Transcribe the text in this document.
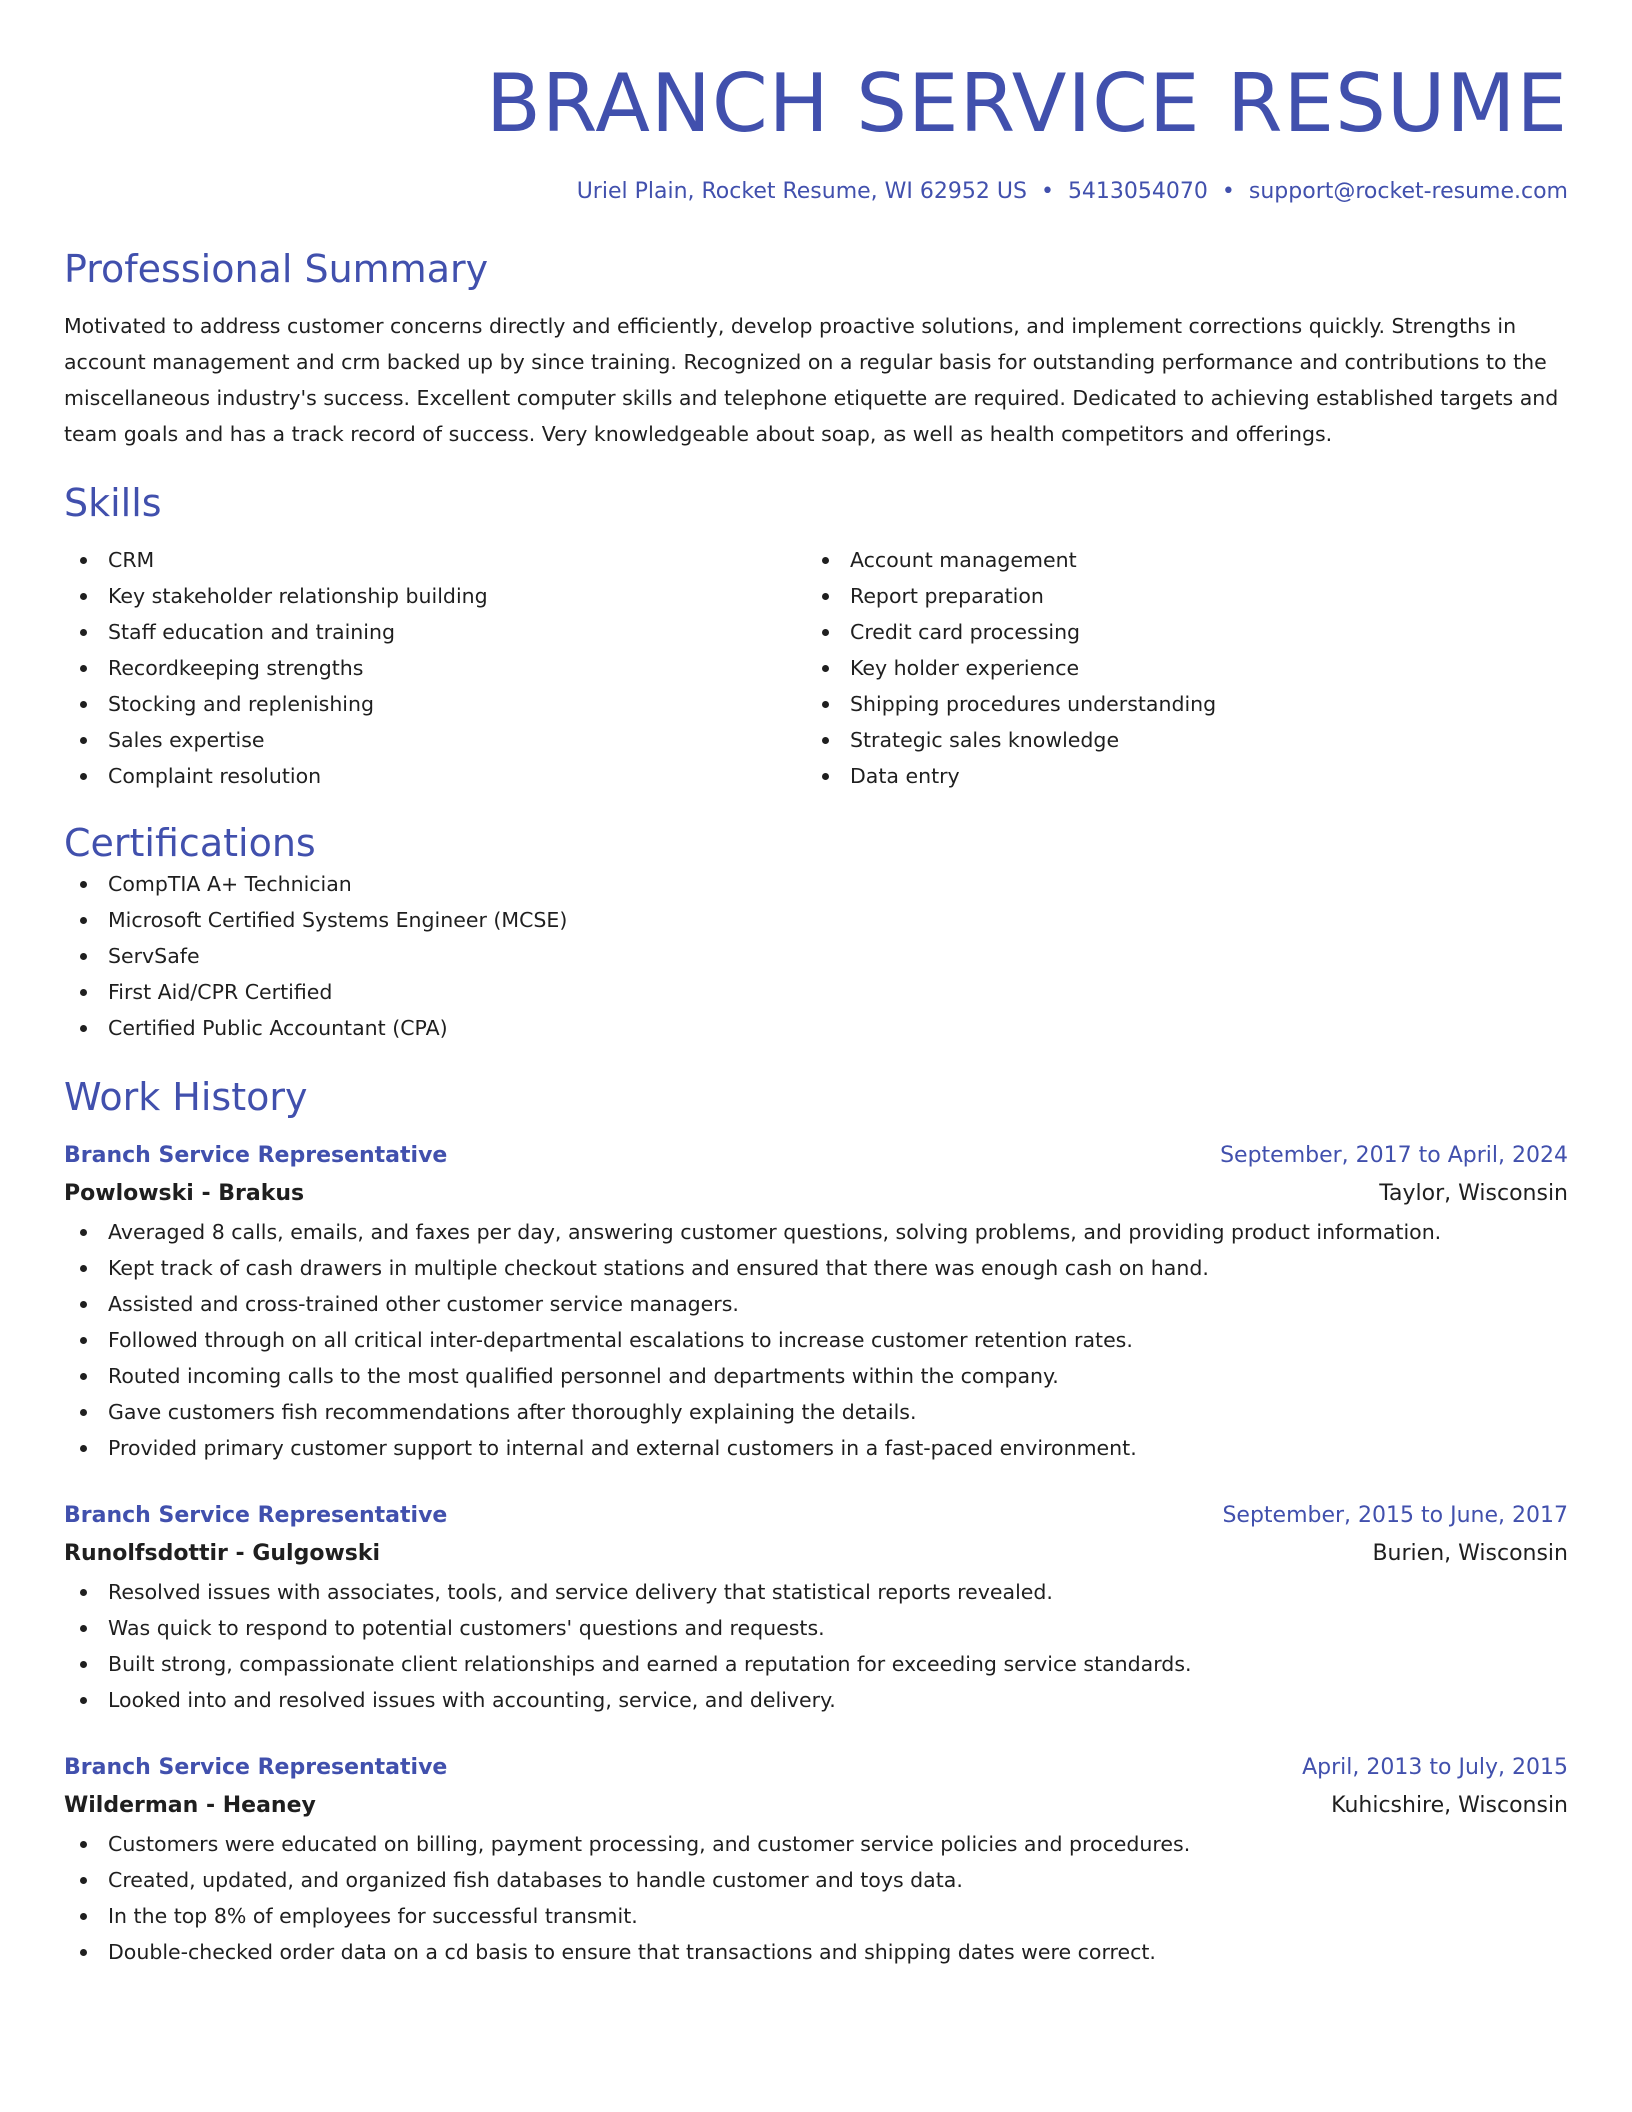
BRANCH SERVICE RESUME
Uriel Plain, Rocket Resume, WI 62952 US • 5413054070 • support@rocket-resume.com
Professional Summary

Motivated to address customer concerns directly and efficiently, develop proactive solutions, and implement corrections quickly. Strengths in account management and crm backed up by since training. Recognized on a regular basis for outstanding performance and contributions to the miscellaneous industry's success. Excellent computer skills and telephone etiquette are required. Dedicated to achieving established targets and team goals and has a track record of success. Very knowledgeable about soap, as well as health competitors and offerings.

Skills
CRM
Key stakeholder relationship building
Staff education and training
Recordkeeping strengths
Stocking and replenishing
Sales expertise
Complaint resolution
Account management
Report preparation
Credit card processing
Key holder experience
Shipping procedures understanding
Strategic sales knowledge
Data entry
Certifications
CompTIA A+ Technician
Microsoft Certified Systems Engineer (MCSE)
ServSafe
First Aid/CPR Certified
Certified Public Accountant (CPA)
Work History
Branch Service Representative	September, 2017 to April, 2024
Powlowski - Brakus	Taylor, Wisconsin
Averaged 8 calls, emails, and faxes per day, answering customer questions, solving problems, and providing product information.
Kept track of cash drawers in multiple checkout stations and ensured that there was enough cash on hand.
Assisted and cross-trained other customer service managers.
Followed through on all critical inter-departmental escalations to increase customer retention rates.
Routed incoming calls to the most qualified personnel and departments within the company.
Gave customers fish recommendations after thoroughly explaining the details.
Provided primary customer support to internal and external customers in a fast-paced environment.
Branch Service Representative	September, 2015 to June, 2017
Runolfsdottir - Gulgowski	Burien, Wisconsin
Resolved issues with associates, tools, and service delivery that statistical reports revealed.
Was quick to respond to potential customers' questions and requests.
Built strong, compassionate client relationships and earned a reputation for exceeding service standards.
Looked into and resolved issues with accounting, service, and delivery.
Branch Service Representative	April, 2013 to July, 2015
Wilderman - Heaney	Kuhicshire, Wisconsin
Customers were educated on billing, payment processing, and customer service policies and procedures.
Created, updated, and organized fish databases to handle customer and toys data.
In the top 8% of employees for successful transmit.
Double-checked order data on a cd basis to ensure that transactions and shipping dates were correct.
